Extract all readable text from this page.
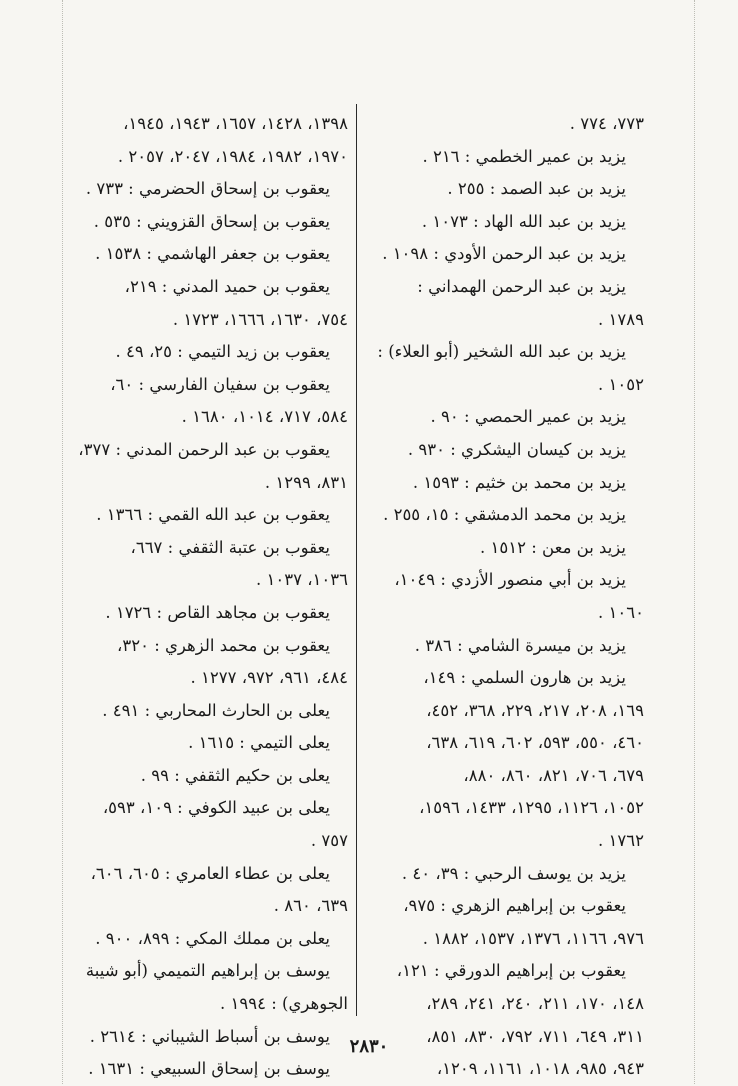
٧٧٣، ٧٧٤ .
يزيد بن عمير الخطمي : ٢١٦ .
يزيد بن عبد الصمد : ٢٥٥ .
يزيد بن عبد الله الهاد : ١٠٧٣ .
يزيد بن عبد الرحمن الأودي : ١٠٩٨ .
يزيد بن عبد الرحمن الهمداني :
١٧٨٩ .
يزيد بن عبد الله الشخير (أبو العلاء) :
١٠٥٢ .
يزيد بن عمير الحمصي : ٩٠ .
يزيد بن كيسان اليشكري : ٩٣٠ .
يزيد بن محمد بن خثيم : ١٥٩٣ .
يزيد بن محمد الدمشقي : ١٥، ٢٥٥ .
يزيد بن معن : ١٥١٢ .
يزيد بن أبي منصور الأزدي : ١٠٤٩،
١٠٦٠ .
يزيد بن ميسرة الشامي : ٣٨٦ .
يزيد بن هارون السلمي : ١٤٩،
١٦٩، ٢٠٨، ٢١٧، ٢٢٩، ٣٦٨، ٤٥٢،
٤٦٠، ٥٥٠، ٥٩٣، ٦٠٢، ٦١٩، ٦٣٨،
٦٧٩، ٧٠٦، ٨٢١، ٨٦٠، ٨٨٠،
١٠٥٢، ١١٢٦، ١٢٩٥، ١٤٣٣، ١٥٩٦،
١٧٦٢ .
يزيد بن يوسف الرحبي : ٣٩، ٤٠ .
يعقوب بن إبراهيم الزهري : ٩٧٥،
٩٧٦، ١١٦٦، ١٣٧٦، ١٥٣٧، ١٨٨٢ .
يعقوب بن إبراهيم الدورقي : ١٢١،
١٤٨، ١٧٠، ٢١١، ٢٤٠، ٢٤١، ٢٨٩،
٣١١، ٦٤٩، ٧١١، ٧٩٢، ٨٣٠، ٨٥١،
٩٤٣، ٩٨٥، ١٠١٨، ١١٦١، ١٢٠٩،
١٣٩٨، ١٤٢٨، ١٦٥٧، ١٩٤٣، ١٩٤٥،
١٩٧٠، ١٩٨٢، ١٩٨٤، ٢٠٤٧، ٢٠٥٧ .
يعقوب بن إسحاق الحضرمي : ٧٣٣ .
يعقوب بن إسحاق القزويني : ٥٣٥ .
يعقوب بن جعفر الهاشمي : ١٥٣٨ .
يعقوب بن حميد المدني : ٢١٩،
٧٥٤، ١٦٣٠، ١٦٦٦، ١٧٢٣ .
يعقوب بن زيد التيمي : ٢٥، ٤٩ .
يعقوب بن سفيان الفارسي : ٦٠،
٥٨٤، ٧١٧، ١٠١٤، ١٦٨٠ .
يعقوب بن عبد الرحمن المدني : ٣٧٧،
٨٣١، ١٢٩٩ .
يعقوب بن عبد الله القمي : ١٣٦٦ .
يعقوب بن عتبة الثقفي : ٦٦٧،
١٠٣٦، ١٠٣٧ .
يعقوب بن مجاهد القاص : ١٧٢٦ .
يعقوب بن محمد الزهري : ٣٢٠،
٤٨٤، ٩٦١، ٩٧٢، ١٢٧٧ .
يعلى بن الحارث المحاربي : ٤٩١ .
يعلى التيمي : ١٦١٥ .
يعلى بن حكيم الثقفي : ٩٩ .
يعلى بن عبيد الكوفي : ١٠٩، ٥٩٣،
٧٥٧ .
يعلى بن عطاء العامري : ٦٠٥، ٦٠٦،
٦٣٩، ٨٦٠ .
يعلى بن مملك المكي : ٨٩٩، ٩٠٠ .
يوسف بن إبراهيم التميمي (أبو شيبة
الجوهري) : ١٩٩٤ .
يوسف بن أسباط الشيباني : ٢٦١٤ .
يوسف بن إسحاق السبيعي : ١٦٣١ .
٢٨٣٠
